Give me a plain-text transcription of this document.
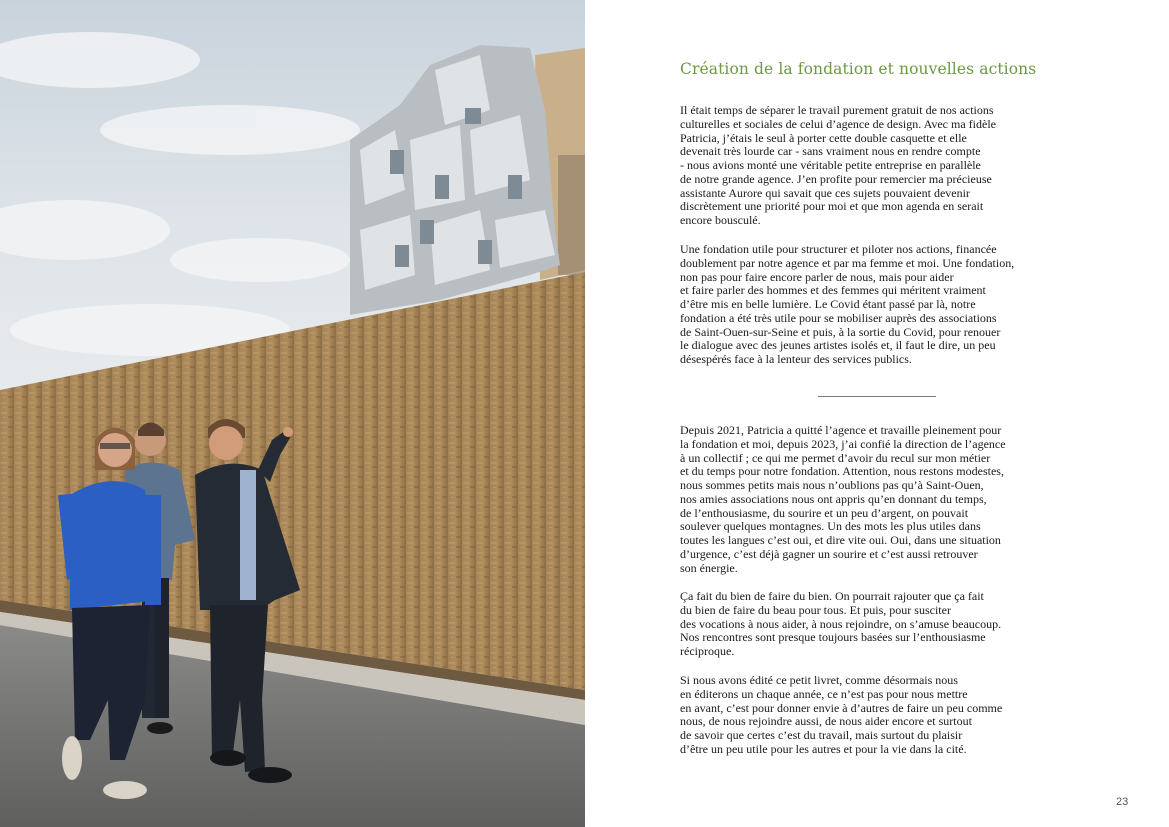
Création de la fondation et nouvelles actions

Il était temps de séparer le travail purement gratuit de nos actions
culturelles et sociales de celui d’agence de design. Avec ma fidèle
Patricia, j’étais le seul à porter cette double casquette et elle
devenait très lourde car - sans vraiment nous en rendre compte
- nous avions monté une véritable petite entreprise en parallèle
de notre grande agence. J’en profite pour remercier ma précieuse
assistante Aurore qui savait que ces sujets pouvaient devenir
discrètement une priorité pour moi et que mon agenda en serait
encore bousculé.

Une fondation utile pour structurer et piloter nos actions, financée
doublement par notre agence et par ma femme et moi. Une fondation,
non pas pour faire encore parler de nous, mais pour aider
et faire parler des hommes et des femmes qui méritent vraiment
d’être mis en belle lumière. Le Covid étant passé par là, notre
fondation a été très utile pour se mobiliser auprès des associations
de Saint-Ouen-sur-Seine et puis, à la sortie du Covid, pour renouer
le dialogue avec des jeunes artistes isolés et, il faut le dire, un peu
désespérés face à la lenteur des services publics.

Depuis 2021, Patricia a quitté l’agence et travaille pleinement pour
la fondation et moi, depuis 2023, j’ai confié la direction de l’agence
à un collectif ; ce qui me permet d’avoir du recul sur mon métier
et du temps pour notre fondation. Attention, nous restons modestes,
nous sommes petits mais nous n’oublions pas qu’à Saint-Ouen,
nos amies associations nous ont appris qu’en donnant du temps,
de l’enthousiasme, du sourire et un peu d’argent, on pouvait
soulever quelques montagnes. Un des mots les plus utiles dans
toutes les langues c’est oui, et dire vite oui. Oui, dans une situation
d’urgence, c’est déjà gagner un sourire et c’est aussi retrouver
son énergie.

Ça fait du bien de faire du bien. On pourrait rajouter que ça fait
du bien de faire du beau pour tous. Et puis, pour susciter
des vocations à nous aider, à nous rejoindre, on s’amuse beaucoup.
Nos rencontres sont presque toujours basées sur l’enthousiasme
réciproque.

Si nous avons édité ce petit livret, comme désormais nous
en éditerons un chaque année, ce n’est pas pour nous mettre
en avant, c’est pour donner envie à d’autres de faire un peu comme
nous, de nous rejoindre aussi, de nous aider encore et surtout
de savoir que certes c’est du travail, mais surtout du plaisir
d’être un peu utile pour les autres et pour la vie dans la cité.

23
